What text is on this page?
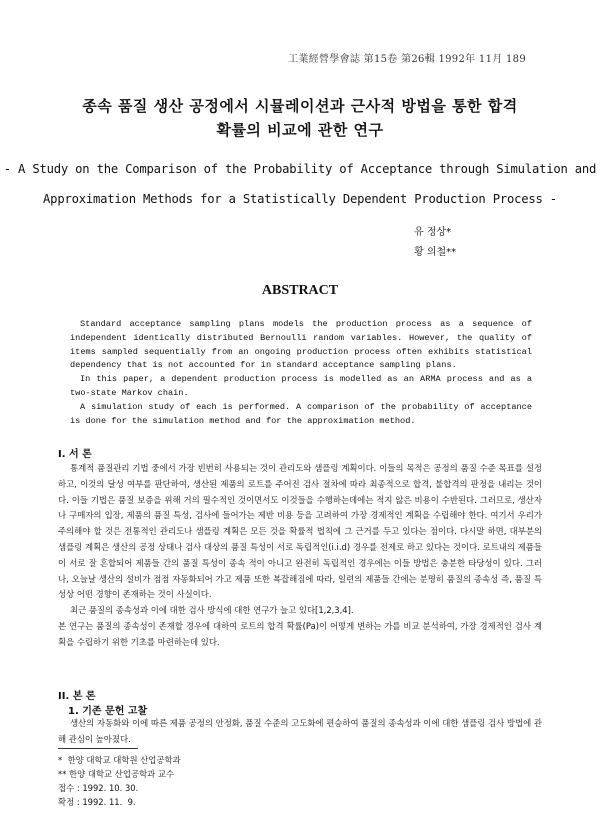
工業經營學會誌 第15卷 第26輯 1992年 11月 189
종속 품질 생산 공정에서 시뮬레이션과 근사적 방법을 통한 합격
확률의 비교에 관한 연구
- A Study on the Comparison of the Probability of Acceptance through Simulation and
Approximation Methods for a Statistically Dependent Production Process -
유 정상*
황 의철**
ABSTRACT

Standard acceptance sampling plans models the production process as a sequence of independent identically distributed Bernoulli random variables. However, the quality of items sampled sequentially from an ongoing production process often exhibits statistical dependency that is not accounted for in standard acceptance sampling plans.

In this paper, a dependent production process is modelled as an ARMA process and as a two-state Markov chain.

A simulation study of each is performed. A comparison of the probability of acceptance is done for the simulation method and for the approximation method.

I. 서 론

통계적 품질관리 기법 중에서 가장 빈번히 사용되는 것이 관리도와 샘플링 계획이다. 이들의 목적은 공정의 품질 수준 목표를 설정하고, 이것의 달성 여부를 판단하여, 생산된 제품의 로트를 주어진 검사 절차에 따라 최종적으로 합격, 불합격의 판정을 내리는 것이다. 이들 기법은 품질 보증을 위해 거의 필수적인 것이면서도 이것들을 수행하는데에는 적지 않은 비용이 수반된다. 그러므로, 생산자나 구매자의 입장, 제품의 품질 특성, 검사에 들어가는 제반 비용 등을 고려하여 가장 경제적인 계획을 수립해야 한다. 여기서 우리가 주의해야 할 것은 전통적인 관리도나 샘플링 계획은 모든 것을 확률적 법칙에 그 근거를 두고 있다는 점이다. 다시말 하면, 대부분의 샘플링 계획은 생산의 공정 상태나 검사 대상의 품질 특성이 서로 독립적인(i.i.d) 경우를 전제로 하고 있다는 것이다. 로트내의 제품들이 서로 잘 혼합되어 제품들 간의 품질 특성이 종속 적이 아니고 완전히 독립적인 경우에는 이들 방법은 충분한 타당성이 있다. 그러나, 오늘날 생산의 설비가 점점 자동화되어 가고 제품 또한 복잡해짐에 따라, 일련의 제품들 간에는 분명히 품질의 종속성 즉, 품질 특성상 어떤 경향이 존재하는 것이 사실이다.

최근 품질의 종속성과 이에 대한 검사 방식에 대한 연구가 늘고 있다[1,2,3,4].

본 연구는 품질의 종속성이 존재할 경우에 대하여 로트의 합격 확률(Pa)이 어떻게 변하는 가를 비교 분석하여, 가장 경제적인 검사 계획을 수립하기 위한 기초를 마련하는데 있다.

II. 본 론
1. 기존 문헌 고찰

생산의 자동화와 이에 따른 제품 공정의 안정화, 품질 수준의 고도화에 편승하여 품질의 종속성과 이에 대한 샘플링 검사 방법에 관해 관심이 높아졌다.

*  한양 대학교 대학원 산업공학과
** 한양 대학교 산업공학과 교수
접수 : 1992. 10. 30.
확정 : 1992. 11.  9.
